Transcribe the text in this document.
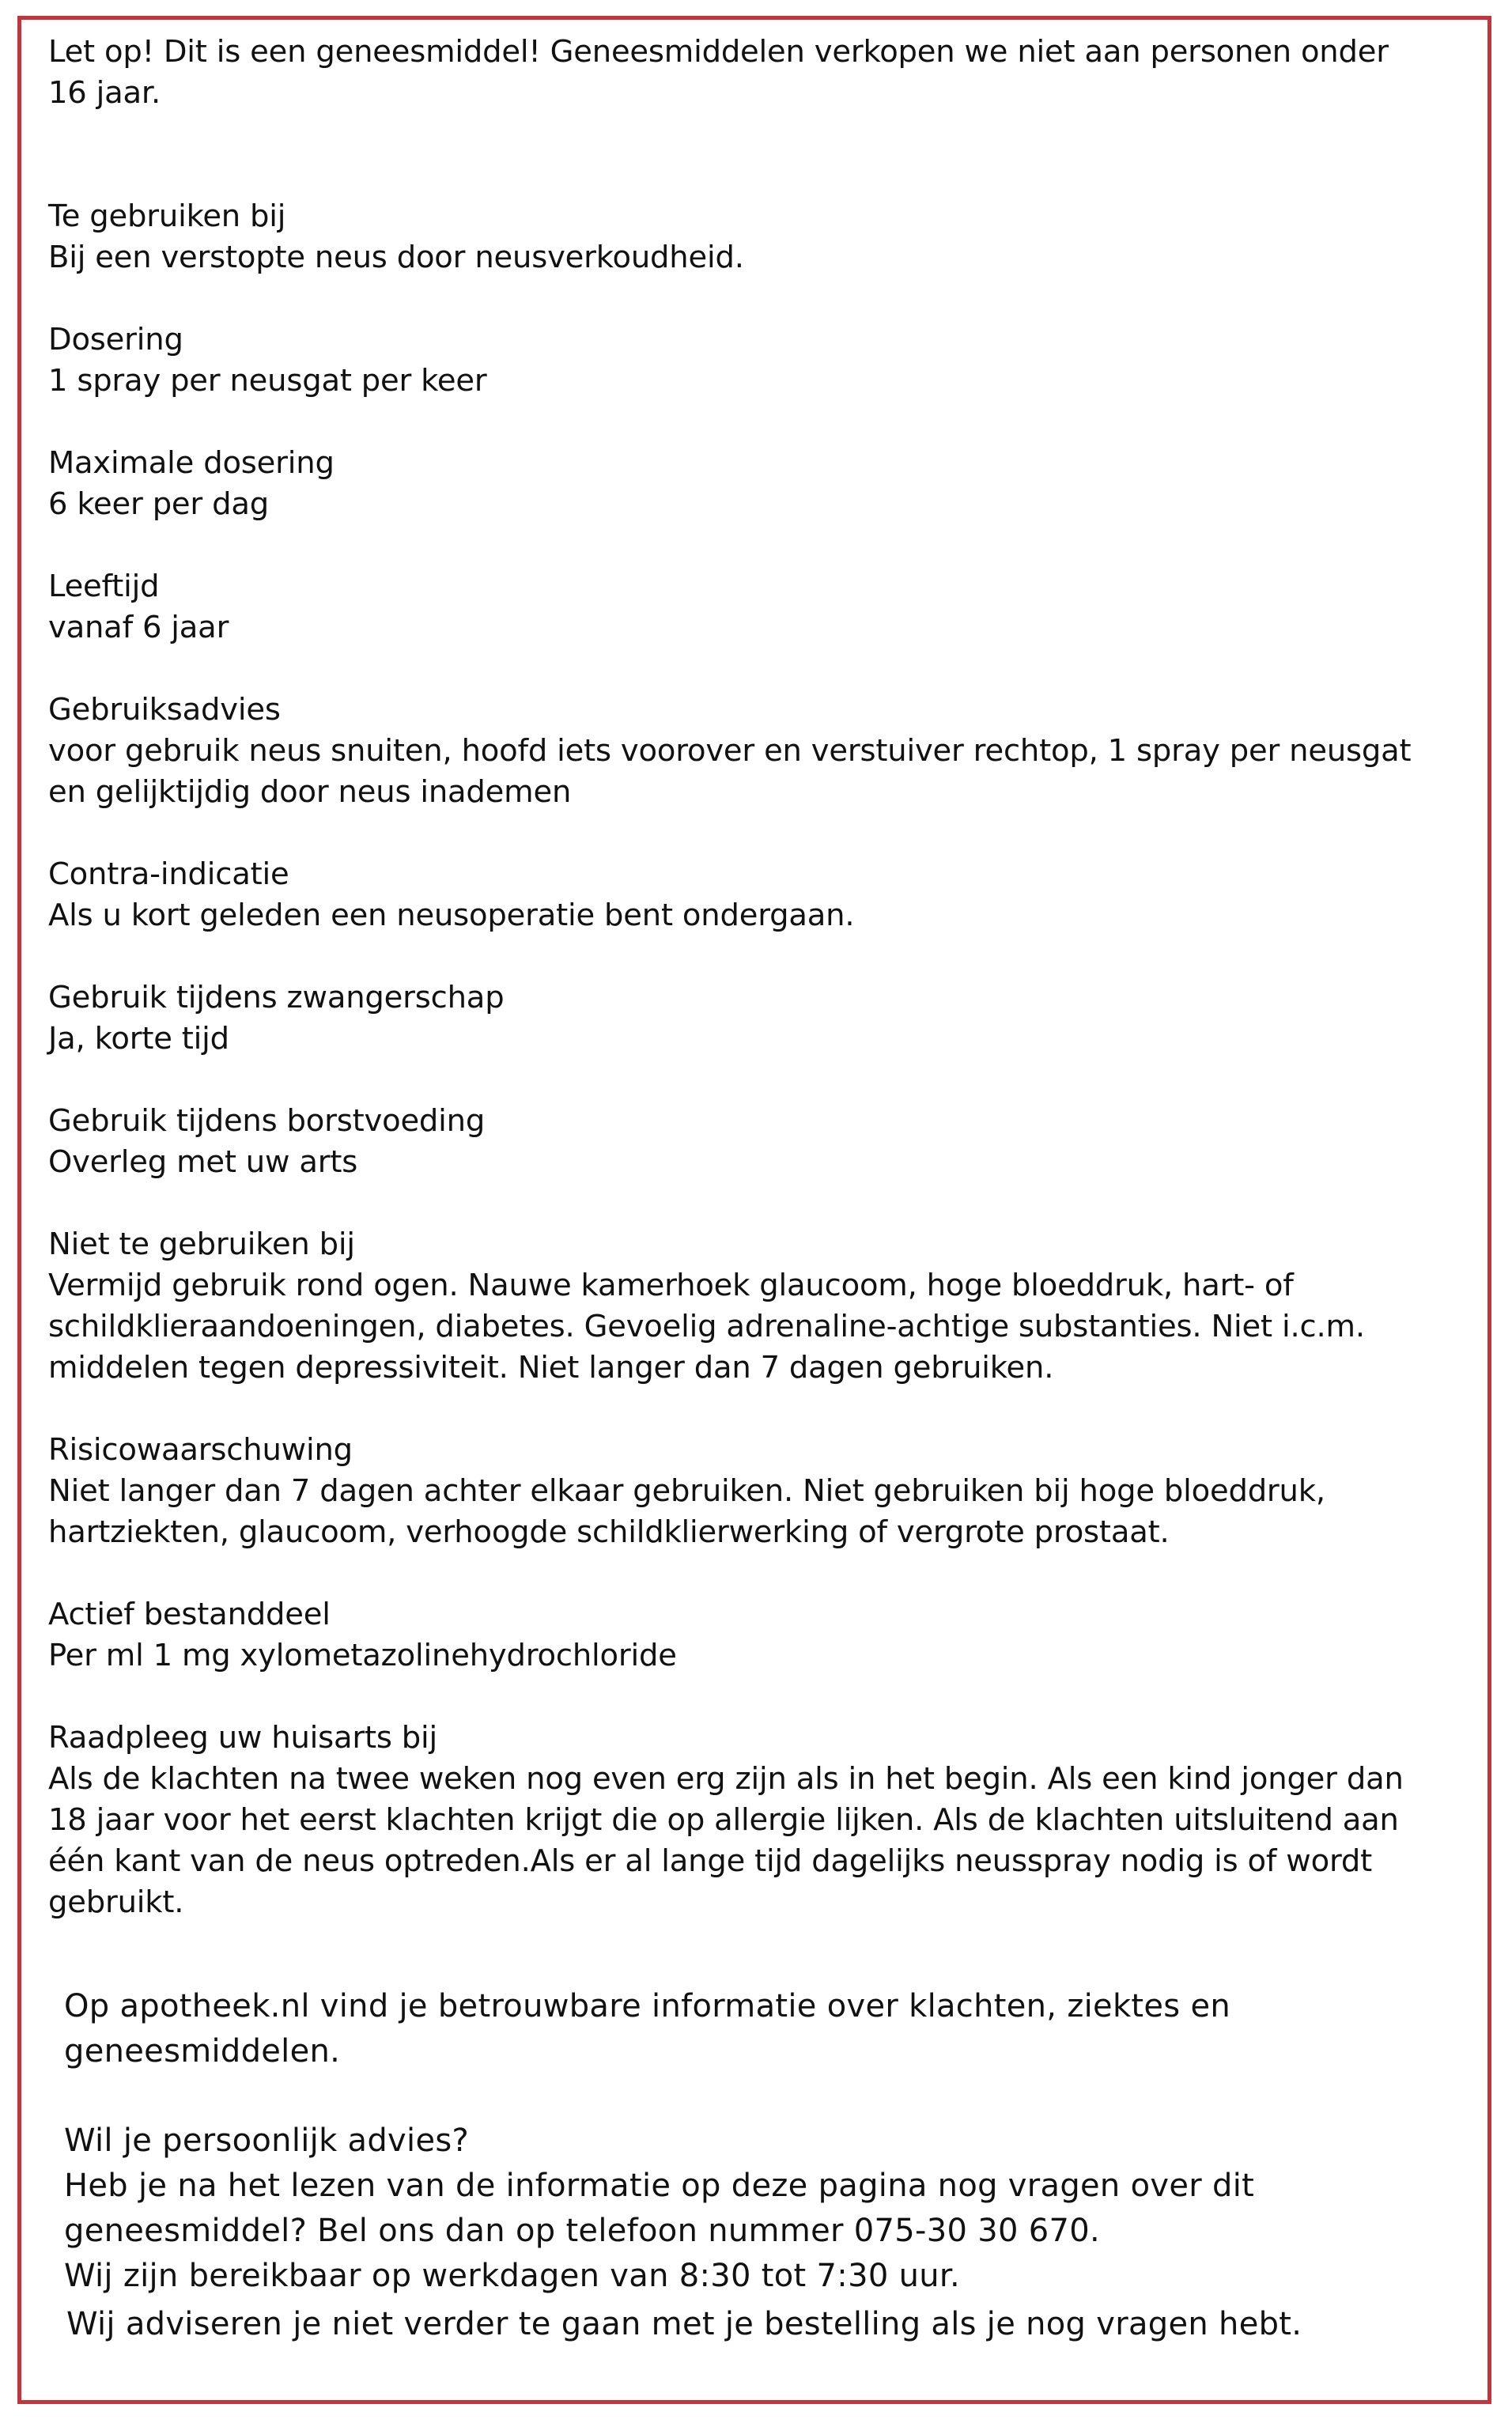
Let op! Dit is een geneesmiddel! Geneesmiddelen verkopen we niet aan personen onder 16 jaar.

Te gebruiken bij
Bij een verstopte neus door neusverkoudheid.
Dosering
1 spray per neusgat per keer
Maximale dosering
6 keer per dag
Leeftijd
vanaf 6 jaar
Gebruiksadvies
voor gebruik neus snuiten, hoofd iets voorover en verstuiver rechtop, 1 spray per neusgat en gelijktijdig door neus inademen
Contra-indicatie
Als u kort geleden een neusoperatie bent ondergaan.
Gebruik tijdens zwangerschap
Ja, korte tijd
Gebruik tijdens borstvoeding
Overleg met uw arts
Niet te gebruiken bij
Vermijd gebruik rond ogen. Nauwe kamerhoek glaucoom, hoge bloeddruk, hart- of schildklieraandoeningen, diabetes. Gevoelig adrenaline-achtige substanties. Niet i.c.m. middelen tegen depressiviteit. Niet langer dan 7 dagen gebruiken.
Risicowaarschuwing
Niet langer dan 7 dagen achter elkaar gebruiken. Niet gebruiken bij hoge bloeddruk, hartziekten, glaucoom, verhoogde schildklierwerking of vergrote prostaat.
Actief bestanddeel
Per ml 1 mg xylometazolinehydrochloride
Raadpleeg uw huisarts bij
Als de klachten na twee weken nog even erg zijn als in het begin. Als een kind jonger dan 18 jaar voor het eerst klachten krijgt die op allergie lijken. Als de klachten uitsluitend aan één kant van de neus optreden.Als er al lange tijd dagelijks neusspray nodig is of wordt gebruikt.

Op apotheek.nl vind je betrouwbare informatie over klachten, ziektes en geneesmiddelen.

Wil je persoonlijk advies?

Heb je na het lezen van de informatie op deze pagina nog vragen over dit geneesmiddel? Bel ons dan op telefoon nummer 075-30 30 670.

Wij zijn bereikbaar op werkdagen van 8:30 tot 7:30 uur.

Wij adviseren je niet verder te gaan met je bestelling als je nog vragen hebt.
